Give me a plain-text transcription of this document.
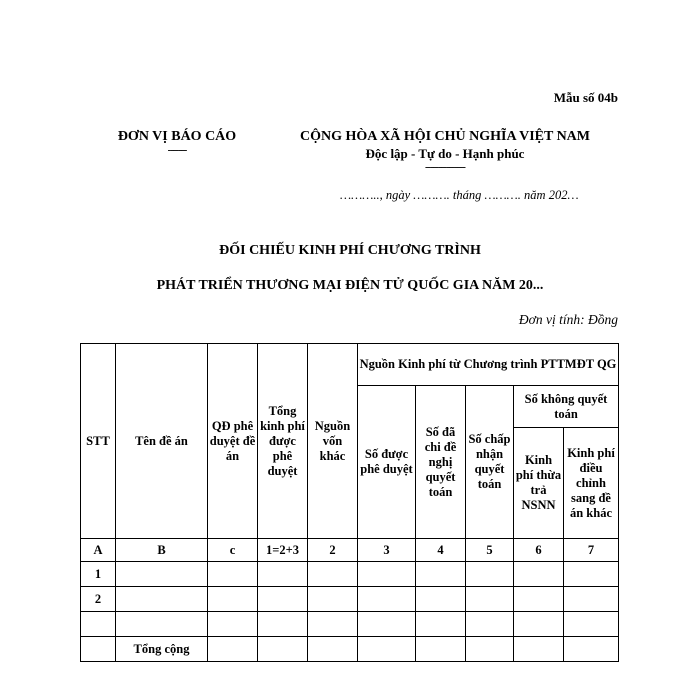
Mẫu số 04b
ĐƠN VỊ BÁO CÁO
-------
CỘNG HÒA XÃ HỘI CHỦ NGHĨA VIỆT NAM
Độc lập - Tự do - Hạnh phúc
---------------
……….., ngày ………. tháng ………. năm 202…
ĐỐI CHIẾU KINH PHÍ CHƯƠNG TRÌNH
PHÁT TRIỂN THƯƠNG MẠI ĐIỆN TỬ QUỐC GIA NĂM 20...
Đơn vị tính: Đồng
STT	Tên đề án	QĐ phê duyệt đề án	Tổng kinh phí được phê duyệt	Nguồn vốn khác	Nguồn Kinh phí từ Chương trình PTTMĐT QG				
					Số được phê duyệt	Số đã chi đề nghị quyết toán	Số chấp nhận quyết toán	Số không quyết toán	
								Kinh phí thừa trả NSNN	Kinh phí điều chỉnh sang đề án khác
A	B	c	1=2+3	2	3	4	5	6	7
1									
2									

	Tổng cộng								
